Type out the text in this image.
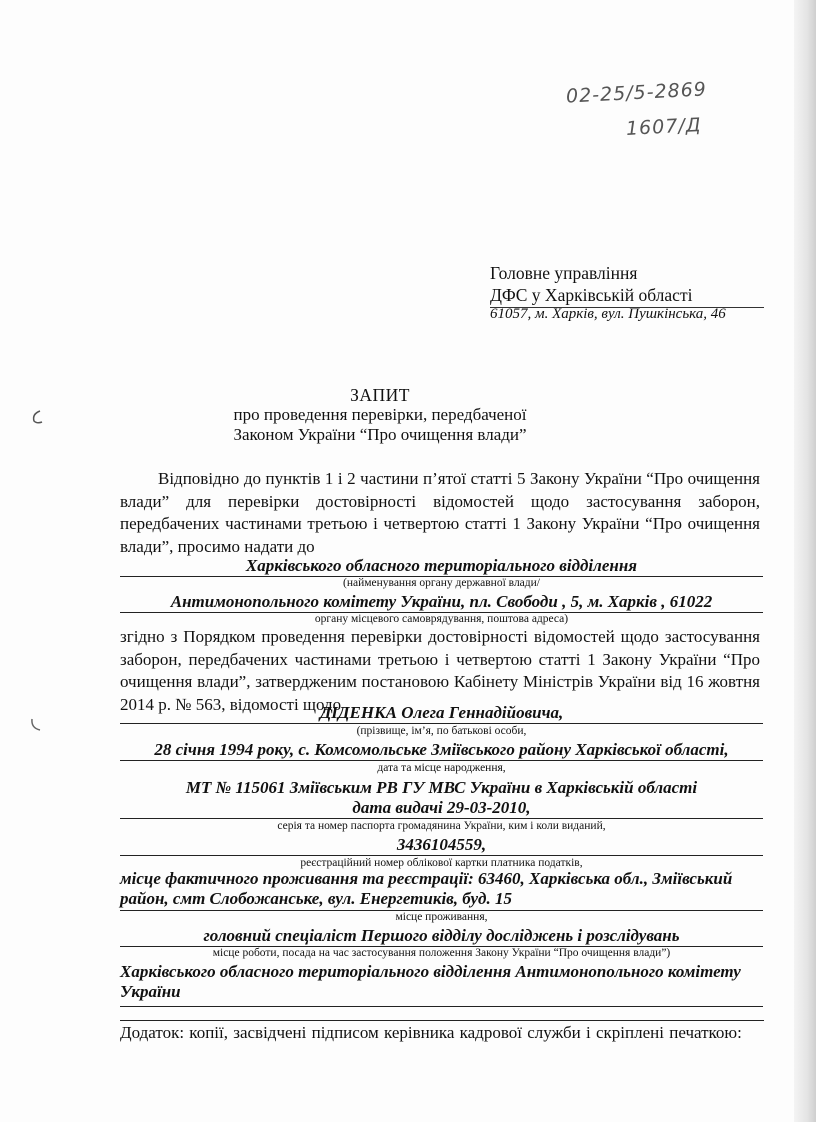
02-25/5-2869
1607/Д
Головне управління
ДФС у Харківській області
61057, м. Харків, вул. Пушкінська, 46
ЗАПИТ
про проведення перевірки, передбаченої
Законом України “Про очищення влади”
Відповідно до пунктів 1 і 2 частини п’ятої статті 5 Закону України “Про очищення влади” для перевірки достовірності відомостей щодо застосування заборон, передбачених частинами третьою і четвертою статті 1 Закону України “Про очищення влади”, просимо надати до
Харківського обласного територіального відділення
(найменування органу державної влади/
Антимонопольного комітету України, пл. Свободи , 5, м. Харків , 61022
органу місцевого самоврядування, поштова адреса)
згідно з Порядком проведення перевірки достовірності відомостей щодо застосування заборон, передбачених частинами третьою і четвертою статті 1 Закону України “Про очищення влади”, затвердженим постановою Кабінету Міністрів України від 16 жовтня 2014 р. № 563, відомості щодо
ДІДЕНКА Олега Геннадійовича,
(прізвище, ім’я, по батькові особи,
28 січня 1994 року, с. Комсомольське Зміївського району Харківської області,
дата та місце народження,
МТ № 115061 Зміївським РВ ГУ МВС України в Харківській області
дата видачі 29-03-2010,
серія та номер паспорта громадянина України, ким і коли виданий,
3436104559,
реєстраційний номер облікової картки платника податків,
місце фактичного проживання та реєстрації: 63460, Харківська обл., Зміївський
район, смт Слобожанське, вул. Енергетиків, буд. 15
місце проживання,
головний спеціаліст Першого відділу досліджень і розслідувань
місце роботи, посада на час застосування положення Закону України “Про очищення влади”)
Харківського обласного територіального відділення Антимонопольного комітету України
Додаток: копії, засвідчені підписом керівника кадрової служби і скріплені печаткою:
